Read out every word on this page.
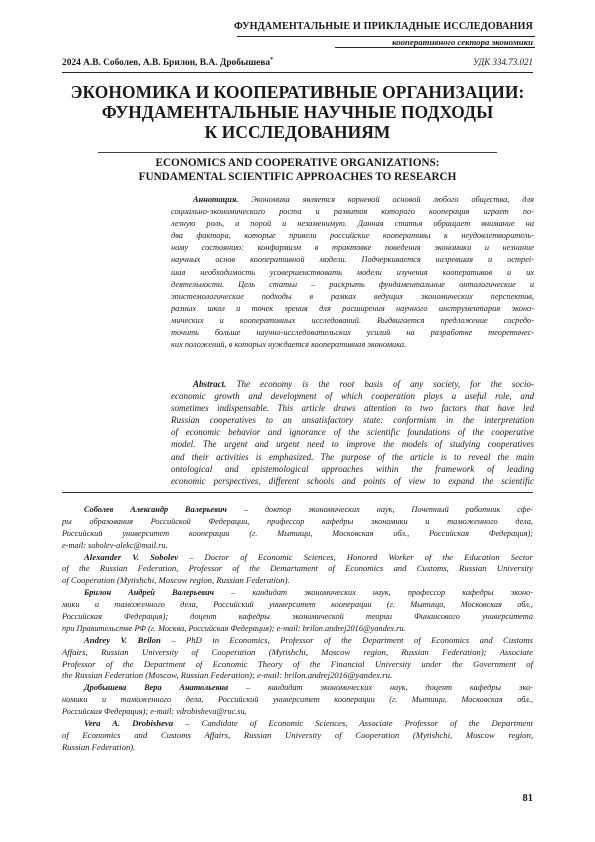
ФУНДАМЕНТАЛЬНЫЕ И ПРИКЛАДНЫЕ ИССЛЕДОВАНИЯ
кооперативного сектора экономики
2024 А.В. Соболев, А.В. Брилон, В.А. Дробышева*	УДК 334.73.021
ЭКОНОМИКА И КООПЕРАТИВНЫЕ ОРГАНИЗАЦИИ:
ФУНДАМЕНТАЛЬНЫЕ НАУЧНЫЕ ПОДХОДЫ
К ИССЛЕДОВАНИЯМ
ECONOMICS AND COOPERATIVE ORGANIZATIONS:
FUNDAMENTAL SCIENTIFIC APPROACHES TO RESEARCH
Аннотация. Экономика является корневой основой любого общества, для
социально-экономического роста и развития которого кооперация играет по-
лезную роль, а порой и незаменимую. Данная статья обращает внимание на
два фактора, которые привели российские кооперативы к неудовлетворитель-
ному состоянию: конформизм в трактовке поведения экономики и незнание
научных основ кооперативной модели. Подчеркивается назревшая и остреi-
шая необходимость усовершенствовать модели изучения кооперативов и их
деятельности. Цель статьи – раскрыть фундаментальные онтологические и
эпистемологические подходы в рамках ведущих экономических перспектив,
разных школ и точек зрения для расширения научного инструментария эконо-
мических и кооперативных исследований. Выдвигается предложение сосредо-
точить больше научно-исследовательских усилий на разработке теоретичес-
ких положений, в которых нуждается кооперативная экономика.
Abstract. The economy is the root basis of any society, for the socio-
economic growth and development of which cooperation plays a useful role, and
sometimes indispensable. This article draws attention to two factors that have led
Russian cooperatives to an unsatisfactory state: conformism in the interpretation
of economic behavior and ignorance of the scientific foundations of the cooperative
model. The urgent and urgent need to improve the models of studying cooperatives
and their activities is emphasized. The purpose of the article is to reveal the main
ontological and epistemological approaches within the framework of leading
economic perspectives, different schools and points of view to expand the scientific
Соболев Александр Валерьевич – доктор экономических наук, Почетный работник сфе-
ры образования Российской Федерации, профессор кафедры экономики и таможенного дела,
Российский университет кооперации (г. Мытищи, Московская обл., Российская Федерация);
e-mail: sobolev-alekc@mail.ru.
Alexander V. Sobolev – Doctor of Economic Sciences, Honored Worker of the Education Sector
of the Russian Federation, Professor of the Demartament of Economics and Customs, Russian University
of Cooperation (Mytishchi, Moscow region, Russian Federation).
Брилон Андрей Валерьевич – кандидат экономических наук, профессор кафедры эконо-
мики и таможенного дела, Российский университет кооперации (г. Мытищи, Московская обл.,
Российская Федерация); доцент кафедры экономической теории Финансового университета
при Правительстве РФ (г. Москва, Российская Федерация); e-mail: brilon.andrej2016@yandex.ru.
Andrey V. Brilon – PhD in Economics, Professor of the Department of Economics and Customs
Affairs, Russian University of Cooperation (Mytishchi, Moscow region, Russian Federation); Associate
Professor of the Department of Economic Theory of the Financial University under the Government of
the Russian Federation (Moscow, Russian Federation); e-mail: brilon.andrej2016@yandex.ru.
Дробышева Вера Анатольевна – кандидат экономических наук, доцент кафедры эко-
номики и таможенного дела, Российский университет кооперации (г. Мытищи, Московская обл.,
Российская Федерация); e-mail: vdrobisheva@ruc.su.
Vera A. Drobisheva – Candidate of Economic Sciences, Associate Professor of the Department
of Economics and Customs Affairs, Russian University of Cooperation (Mytishchi, Moscow region,
Russian Federation).
81
